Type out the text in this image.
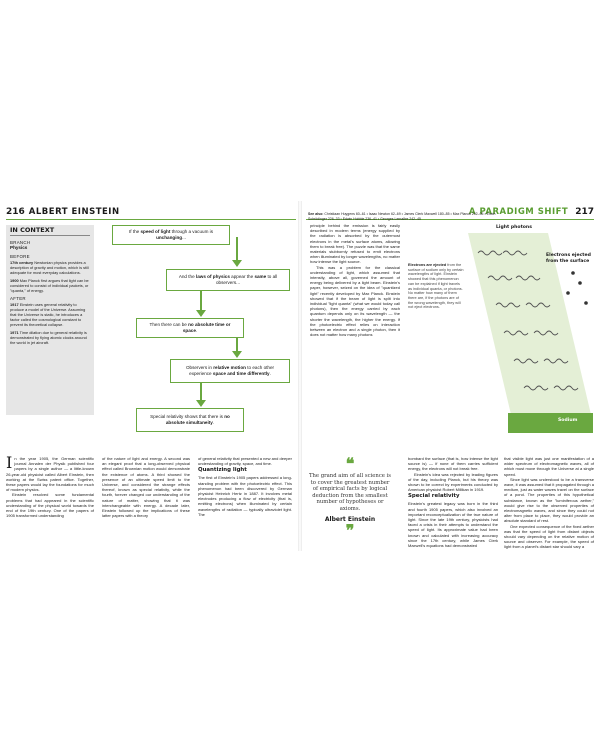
216 ALBERT EINSTEIN
IN CONTEXT
BRANCH
Physics
BEFORE

17th century Newtonian physics provides a description of gravity and motion, which is still adequate for most everyday calculations.

1900 Max Planck first argues that light can be considered to consist of individual packets, or "quanta," of energy.

AFTER

1917 Einstein uses general relativity to produce a model of the Universe. Assuming that the Universe is static, he introduces a factor called the cosmological constant to prevent its theoretical collapse.

1971 Time dilation due to general relativity is demonstrated by flying atomic clocks around the world in jet aircraft.

If the speed of light through a vacuum is unchanging...
And the laws of physics appear the same to all observers...
Then there can be no absolute time or space.
Observers in relative motion to each other experience space and time differently.
Special relativity shows that there is no absolute simultaneity.

In the year 1905, the German scientific journal Annalen der Physik published four papers by a single author — a little-known 26-year-old physicist called Albert Einstein, then working at the Swiss patent office. Together, these papers would lay the foundations for much of modern physics.

Einstein resolved some fundamental problems that had appeared in the scientific understanding of the physical world towards the end of the 19th century. One of the papers of 1905 transformed understanding

of the nature of light and energy. A second was an elegant proof that a long-observed physical effect called Brownian motion would demonstrate the existence of atoms. A third showed the presence of an ultimate speed limit to the Universe, and considered the strange effects thereof, known as special relativity, while the fourth, forever changed our understanding of the nature of matter, showing that it was interchangeable with energy. A decade later, Einstein followed up the implications of these latter papers with a theory

of general relativity that presented a new and deeper understanding of gravity, space, and time.

Quantizing light

The first of Einstein's 1905 papers addressed a long-standing problem with the photoelectric effect. This phenomenon had been discovered by German physicist Heinrich Hertz in 1887. It involves metal electrodes producing a flow of electricity (that is, emitting electrons) when illuminated by certain wavelengths of radiation — typically ultraviolet light. The

A PARADIGM SHIFT 217
See also: Christiaan Huygens 60–61 • Isaac Newton 62–69 • James Clerk Maxwell 180–85 • Max Planck 202–05 • Erwin Schrödinger 226–33 • Edwin Hubble 236–41 • Georges Lemaître 242–45

principle behind the emission is fairly easily described in modern terms (energy supplied by the radiation is absorbed by the outermost electrons in the metal's surface atoms, allowing them to break free). The puzzle was that the same materials stubbornly refused to emit electrons when illuminated by longer wavelengths, no matter how intense the light source.

This was a problem for the classical understanding of light, which assumed that intensity, above all, governed the amount of energy being delivered by a light beam. Einstein's paper, however, seized on the idea of "quantized light" recently developed by Max Planck. Einstein showed that if the beam of light is split into individual "light quanta" (what we would today call photons), then the energy carried by each quantum depends only on its wavelength — the shorter the wavelength, the higher the energy. If the photoelectric effect relies on interaction between an electron and a single photon, then it does not matter how many photons

❝
The grand aim of all science is to cover the greatest number of empirical facts by logical deduction from the smallest number of hypotheses or axioms.
Albert Einstein
❞

bombard the surface (that is, how intense the light source is) — if none of them carries sufficient energy, the electrons will not break free.

Einstein's idea was rejected by leading figures of the day, including Planck, but his theory was shown to be correct by experiments conducted by American physicist Robert Millikan in 1919.

Special relativity

Einstein's greatest legacy was born in the third and fourth 1905 papers, which also involved an important reconceptualization of the true nature of light. Since the late 19th century, physicists had faced a crisis in their attempts to understand the speed of light. Its approximate value had been known and calculated with increasing accuracy since the 17th century, while James Clerk Maxwell's equations had demonstrated

that visible light was just one manifestation of a wider spectrum of electromagnetic waves, all of which must move through the Universe at a single speed.

Since light was understood to be a transverse wave, it was assumed that it propagated through a medium, just as water waves travel on the surface of a pond. The properties of this hypothetical substance, known as the "luminiferous aether," would give rise to the observed properties of electromagnetic waves, and since they could not alter from place to place, they would provide an absolute standard of rest.

One expected consequence of the fixed aether was that the speed of light from distant objects should vary depending on the relative motion of source and observer. For example, the speed of light from a planet's distant star should vary a

Light photons
Electrons ejected from the surface
Sodium
Electrons are ejected from the surface of sodium only by certain wavelengths of light. Einstein showed that this phenomenon can be explained if light travels as individual quanta, or photons. No matter how many of them there are, if the photons are of the wrong wavelength, they will not eject electrons.
